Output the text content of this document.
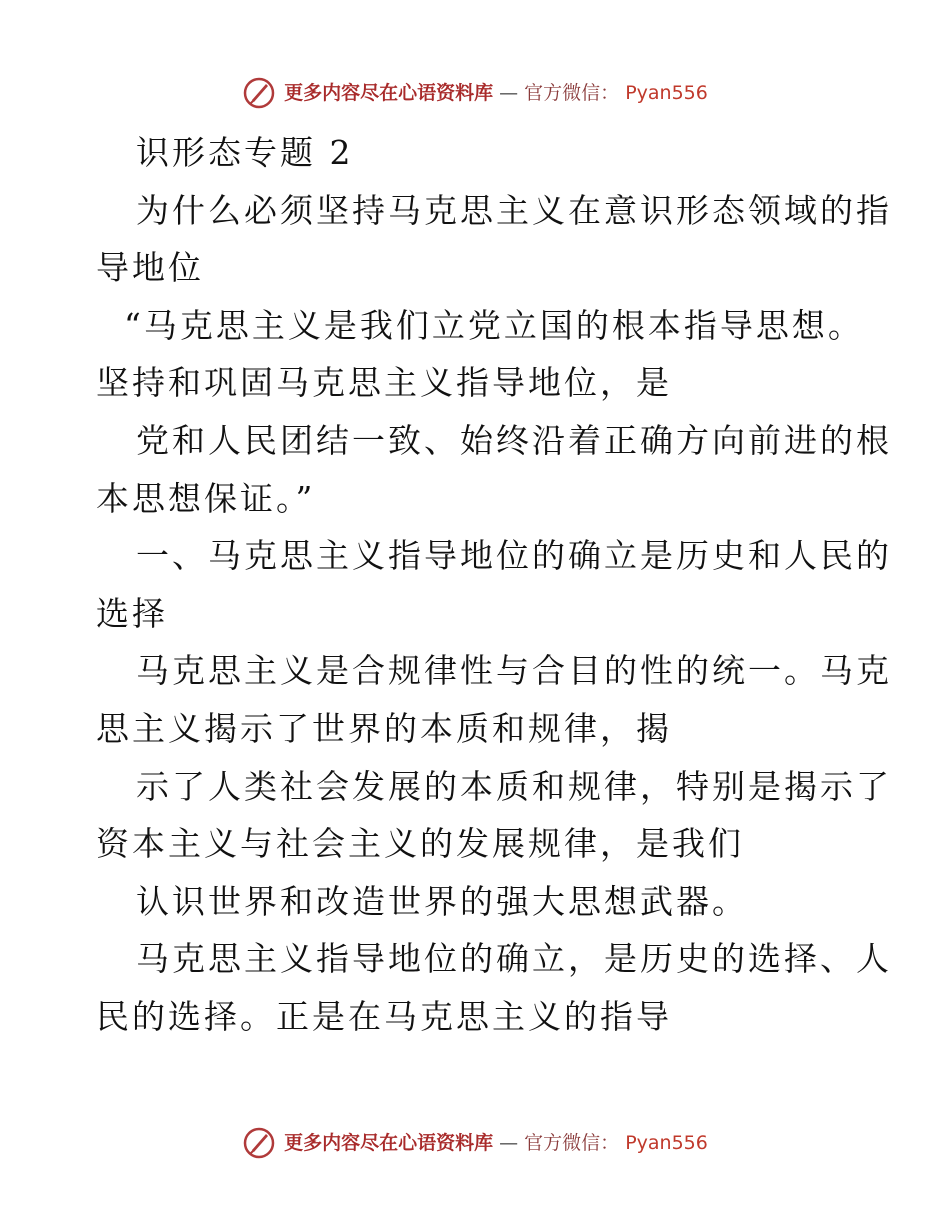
更多内容尽在心语资料库 — 官方微信： Pyan556
识形态专题 2
为什么必须坚持马克思主义在意识形态领域的指
导地位
“马克思主义是我们立党立国的根本指导思想。
坚持和巩固马克思主义指导地位，是
党和人民团结一致、始终沿着正确方向前进的根
本思想保证。”
一、马克思主义指导地位的确立是历史和人民的
选择
马克思主义是合规律性与合目的性的统一。马克
思主义揭示了世界的本质和规律，揭
示了人类社会发展的本质和规律，特别是揭示了
资本主义与社会主义的发展规律，是我们
认识世界和改造世界的强大思想武器。
马克思主义指导地位的确立，是历史的选择、人
民的选择。正是在马克思主义的指导
更多内容尽在心语资料库 — 官方微信： Pyan556
